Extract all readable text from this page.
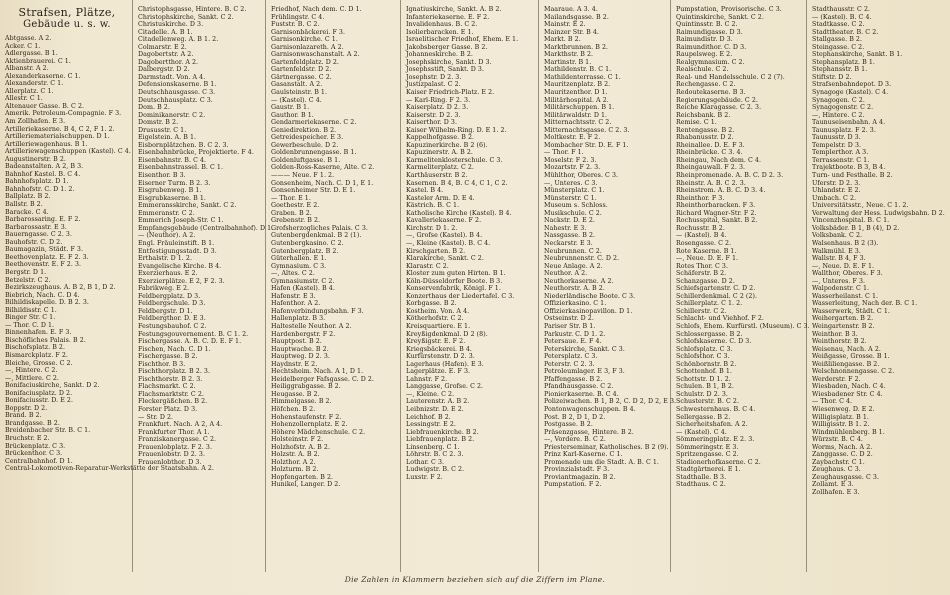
Strafsen, Plätze,
Gebäude u. s. w.
Abtgasse. A 2.
Acker. C 1.
Adlergasse. B 1.
Aktienbrauerei. C 1.
Albanstr. A 2.
Alexanderkaserne. C 1.
Alexanderstr. C 1.
Allerplatz. C 1.
Allestr. C 1.
Altenauer Gasse. B. C 2.
Amerik. Petroleum-Compagnie. F 3.
Am Zollhafen. E 3.
Artilleriekaserne. B 4, C 2, F 1. 2.
Artilleriematerialschuppen. D 1.
Artilleriewagenhaus. B 1.
Artilleriewagenschuppen (Kastel). C 4.
Augustinerstr. B 2.
Badeanstalten. A 2, B 3.
Bahnhof Kastel. B. C 4.
Bahnhofsplatz. D 1.
Bahnhofstr. C. D 1. 2.
Ballplatz. B 2.
Ballstr. B 2.
Baracke. C 4.
Barbarossaring. E. F 2.
Barbarossastr. E 3.
Bauerngasse. C 2. 3.
Bauhofstr. C. D 2.
Baumagazin, Städt. F 3.
Beethovenplatz. E. F 2. 3.
Beethovenstr. E. F 2. 3.
Bergstr. D 1.
Betzelstr. C 2.
Bezirkszeughaus. A. B 2, B 1, D 2.
Biebrich, Nach. C. D 4.
Bilhildiskapelle. D. B 2. 3.
Bilhildisstr. C 1.
Binger Str. C 1.
— Thor. C. D 1.
Binnenhafen. E. F 3.
Bischöfliches Palais. B 2.
Bischofsplatz. B 2.
Bismarckplatz. F 2.
Bleiche, Grosse. C 2.
—, Hintere. C 2.
—, Mittlere. C 2.
Bonifaciuskirche, Sankt. D 2.
Bonifaciusplatz. D 2.
Bonifaciusstr. D. E 2.
Boppstr. D 2.
Brand. B 2.
Brandgasse. B 2.
Breidenbacher Str. B. C 1.
Bruchstr. E 2.
Brückenplatz. C 3.
Brückenthor. C 3.
Centralbahnhof. D 1.
Central-Lokomotiven-Reparatur-Werkstätte der Staatsbahn. A 2.
Christophsgasse, Hintere. B. C 2.
Christophskirche, Sankt. C 2.
Christuskirche. D 3.
Citadelle. A. B 1.
Citadellenweg. A. B 1. 2.
Colmarstr. E 2.
Dagobertstr. A 2.
Dagobertthor. A 2.
Dalbergstr. D 2.
Darmstadt. Von. A 4.
Defensionskaserne. B 1.
Deutschhausgasse. C 3.
Deutschhausplatz. C 3.
Dom. B 2.
Dominikanerstr. C 2.
Domstr. B 2.
Drususstr. C 1.
Eigelstein. A. B 1.
Eisbornplätzchen. B. C 2. 3.
Eisenbahnbrücke, Projektierte. F 4.
Eisenbahnstr. B. C 4.
Eisenbahnstrassel. B. C 1.
Eisenthor. B 3.
Eiserner Turm. B 2. 3.
Eisgrubenweg. B 1.
Eisgrubkaserne. B 1.
Emmeransskirche, Sankt. C 2.
Emmeranstr. C 2.
Emmerich Joseph-Str. C 1.
Empfangsgebäude (Centralbahnhof). D 1.
— (Neuthor). A 2.
Engl. Fräuleinstift. B 1.
Entfestigungsstadt. D 3.
Erthalstr. D 1. 2.
Evangelische Kirche. B 4.
Exerzierhaus. E 2.
Exerzierplätze. E 2, F 2. 3.
Fabrikweg. E 2.
Feldbergplatz. D 3.
Feldbergschule. D 3.
Feldbergstr. D 1.
Feldbergthor. D. E 3.
Festungsbauhof. C 2.
Festungsgouvernement. B. C 1. 2.
Fischergasse. A. B. C. D. E. F 1.
Fischen, Nach. C. D 1.
Fischergasse. B 2.
Fischthor. B 3.
Fischthorplatz. B 2. 3.
Fischthorstr. B 2. 3.
Flachsmarkt. C 2.
Flachsmarktstr. C 2.
Fleckergäßchen. B 2.
Forster Platz. D 3.
— Str. D 2.
Frankfurt. Nach. A 2, A 4.
Frankfurter Thor. A 1.
Franziskanergasse. C 2.
Frauenlobplatz. F 2. 3.
Frauenlobstr. D 2. 3.
Frauenlobthor. D 3.
Friedhof, Nach dem. C. D 1.
Frühlingstr. C 4.
Fuststr. B. C 2.
Garnisonbäckerei. F 3.
Garnisonkirche. C 1.
Garnisonlazareth. A 2.
Garnisonwaschanstalt. A 2.
Gartenfeldplatz. D 2.
Gartenfeldstr. D 2.
Gärtnergasse. C 2.
Gasanstalt. A 2.
Gaulsteinstr. B 1.
— (Kastel). C 4.
Gaustr. B 1.
Gauthor. B 1.
Gendarmeriekaserne. C 2.
Geniedirektion. B 2.
Getreidespeicher. E 3.
Gewerbeschule. D 2.
Goldenbrunnengasse. B 1.
Goldenluftgasse. B 1.
Golden-Ross-Kaserne, Alte. C 2.
——— Neue. F 1. 2.
Gonsenheim, Nach. C. D 1, E 1.
Gonsenheimer Str. D. E 1.
— Thor. E 1.
Goethestr. E 2.
Graben. B 2.
Grebenstr. B 2.
Grofsherzogliches Palais. C 3.
Gutenbergdenkmal. B 2 (1).
Gutenbergkasino. C 2.
Gutenbergplatz. B 2.
Güterhallen. E 1.
Gymnasium. C 3.
—, Altes. C 2.
Gymnasiumstr. C 2.
Hafen (Kastel). B 4.
Hafenstr. E 3.
Hafenthor. A 2.
Hafenverbindungsbahn. F 3.
Hallenplatz. B 3.
Haltestelle Neuthor. A 2.
Hardenbergstr. F 2.
Hauptpost. B 2.
Hauptwache. B 2.
Hauptweg. D 2. 3.
Haydnstr. E 2.
Hechtsheim. Nach. A 1, D 1.
Heidelberger Fafsgasse. C. D 2.
Heiliggrabgasse. B 2.
Heugasse. B 2.
Himmelgasse. B 2.
Höfchen. B 2.
Hohenstaufenstr. F 2.
Hohenzollernplatz. E 2.
Höhere Mädchenschule. C 2.
Holsteinstr. F 2.
Holzhofstr. A. B 2.
Holzstr. A. B 2.
Holzthor. A 2.
Holzturm. B 2.
Hopfengarten. B 2.
Hunikel, Langer. D 2.
Ignatiuskirche, Sankt. A. B 2.
Infanteriekaserne. E. F 2.
Invalidenhaus. B. C 2.
Isolierbaracken. E 1.
Israelitischer Friedhof, Ehem. E 1.
Jakobsberger Gasse. B 2.
Johanneskirche. B 2.
Josephskirche, Sankt. D 3.
Josephsstift, Sankt. D 3.
Josephstr. D 2. 3.
Justizpalast. C 2.
Kaiser Friedrich-Platz. E 2.
— Karl-Ring. F 2. 3.
Kaiserplatz. D 2. 3.
Kaiserstr. D 2. 3.
Kaiserthor. D 3.
Kaiser Wilhelm-Ring. D. E 1. 2.
Kappelhofgasse. B 2.
Kapuzinerkirche. B 2 (6).
Kapuzinerstr. A. B 2.
Karmelitenklosterschule. C 3.
Karmeliterplatz. C 2.
Karthäuserstr. B 2.
Kasernen. B 4, B. C 4, C 1, C 2.
Kastel. B 4.
Kasteler Arm. D. E 4.
Kästrich. B. C 1.
Katholische Kirche (Kastel). B 4.
Kavalleriekaserne. F 2.
Kirchstr. D 1. 2.
—, Grofse (Kastel). B 4.
—, Kleine (Kastel). B. C 4.
Kirschgarten. B 2.
Klarakirche, Sankt. C 2.
Klarastr. C 2.
Kloster zum guten Hirten. B 1.
Köln-Düsseldorfer Boote. B 3.
Konservenfabrik, Königl. F 1.
Konzerthaus der Liedertafel. C 3.
Korbgasse. B 2.
Kostheim. Von. A 4.
Kötherhofstr. C 2.
Kreisquartiere. E 1.
Kreyßigdenkmal. D 2 (8).
Kreyßigstr. E. F 2.
Kriegsbäckerei. B 4.
Kurfürstenstr. D 2. 3.
Lagerhaus (Hafen). E 3.
Lagerplätze. E. F 3.
Lahnstr. F 2.
Langgasse, Grofse. C 2.
—, Kleine. C 2.
Lauterenstr. A. B 2.
Leibnizstr. D. E 2.
Leichhof. B 2.
Lessingstr. E 2.
Liebfrauenkirche. B 2.
Liebfrauenplatz. B 2.
Linsenberg. C 1.
Löhrstr. B. C 2. 3.
Lothar. C 3.
Ludwigstr. B. C 2.
Luxstr. F 2.
Maarauе. A 3. 4.
Mailandsgasse. B 2.
Mainstr. E 2.
Mainzer Str. B 4.
Markt. B 2.
Marktbrunnen. B 2.
Markthstr. B 2.
Martinstr. B 1.
Mathildenstr. B. C 1.
Mathildenterrasse. C 1.
Mauritzenplatz. B 2.
Mauritzenthor. D 1.
Militärhospital. A 2.
Militärschuppen. B 1.
Militärwaldstr. D 1.
Mitternachtsstr. C 2.
Mitternachtsgasse. C 2. 3.
Moltkestr. E. F 2.
Mombacher Str. D. E. F 1.
— Thor. F 1.
Moselstr. F 2. 3.
Mozartstr. F 2. 3.
Mühlthor, Oberes. C 3.
—, Unteres. C 3.
Münsterplatz. C 1.
Münsterstr. C 1.
Museum s. Schloss.
Musikschule. C 2.
Nackstr. D. E 2.
Nahestr. E 3.
Nassgasse. B 2.
Neckarstr. E 3.
Neubrunnen. C 2.
Neubrunnenstr. C. D 2.
Neue Anlage. A 2.
Neuthor. A 2.
Neuthorkaserne. A 2.
Neuthorstr. A. B 2.
Niederländische Boote. C 3.
Offizierkasino. C 1.
Offizierkasinopavillon. D 1.
Ostseinstr. D 2.
Pariser Str. B 1.
Parkustr. C. D 1. 2.
Petersaue. E. F 4.
Peterskirche, Sankt. C 3.
Petersplatz. C 3.
Peterstr. C 2. 3.
Petroleumlager. E 3, F 3.
Pfaffengasse. B 2.
Pfandhausgasse. C 2.
Pionierkaserne. B. C 4.
Polizeiwachen. B 1, B 2, C. D 2, D 2, E 3.
Pontonwagenschuppen. B 4.
Post. B 2, D 1, D 2.
Postgasse. B 2.
Präsenzgasse, Hintere. B 2.
—, Vordere. B. C 2.
Priesterseminar, Katholisches. B 2 (9).
Prinz Karl-Kaserne. C 1.
Promenade um die Stadt. A. B. C 1.
Provinzialstadt. F 3.
Proviantmagazin. B 2.
Pumpstation. F 2.
Pumpstation, Provisorische. C 3.
Quintinskirche, Sankt. C 2.
Quintinsstr. B. C 2.
Raimundigasse. D 3.
Raimundistr. D 3.
Raimundithor. C. D 3.
Raupelsweg. E 2.
Realgymnasium. C 2.
Realschule. C 2.
Real- und Handelsschule. C 2 (7).
Rechengasse. C 2.
Redoutekaserne. B 3.
Regierungsgebäude. C 2.
Reiche Klaragasse. C 2. 3.
Reichsbank. B 2.
Remise. C 1.
Rentengasse. B 2.
Rhabanusstr. D 2.
Rheinallee. D. E. F 3.
Rheinbrücke. C 3. 4.
Rheingau, Nach dem. C 4.
Rheingauwall. F 2. 3.
Rheinpromenade. A. B. C. D 2. 3.
Rheinstr. A. B. C 2. 3.
Rheinstrom. A. B. C. D 3. 4.
Rheinthor. F 3.
Rheinthorbaracken. F 3.
Richard Wagner-Str. F 2.
Rochusspital, Sankt. B 2.
Rochusstr. B 2.
— (Kastel). B 4.
Rosengasse. C 2.
Rote Kaserne. B 1.
—, Neue. D. E. F 1.
Rotes Thor. C 3.
Schäferstr. B 2.
Schanzgasse. D 2.
Schiefsgartenstr. C. D 2.
Schillerdenkmal. C 2 (2).
Schillerplatz. C 1. 2.
Schillerstr. C 2.
Schlacht- und Viehhof. F 2.
Schlofs, Ehem. Kurfürstl. (Museum). C 3.
Schlossergasse. B 2.
Schlofskaserne. C. D 3.
Schlofsplatz. C 3.
Schlofsthor. C 3.
Schönbornstr. B 2.
Schottenhof. B 1.
Schottstr. D 1. 2.
Schulen. B 1, B 2.
Schulstr. D 2. 3.
Schusterstr. B. C 2.
Schwesternhaus. B. C 4.
Sellergasse. B 2.
Sicherheitshafen. A 2.
— (Kastel). C 4.
Sömmeringplatz. E 2. 3.
Sömmeringstr. E 3.
Spritzengasse. C 2.
Stadionerhofkaserne. C 2.
Stadtgärtnerei. E 1.
Stadthalle. B 3.
Stadthaus. C 2.
Stadthausstr. C 2.
— (Kastel). B. C 4.
Stadtkasse. C 2.
Stadttheater. B. C 2.
Stallgasse. B 2.
Steingasse. C 2.
Stephanskirche, Sankt. B 1.
Stephansplatz. B 1.
Stephansstr. B 1.
Stiftstr. D 2.
Strafsenbahndepot. D 3.
Synagoge (Kastel). C 4.
Synagogen. C 2.
Synagogenstr. C 2.
—, Hintere. C 2.
Taunuseisenbahn. A 4.
Taunusplatz. F 2. 3.
Taunusstr. D 3.
Tempelstr. D 3.
Templerthor. A 3.
Terrassenstr. C 1.
Trajektboote. B 3, B 4.
Turn- und Festhalle. B 2.
Uferstr. D 2. 3.
Uhlandstr. E 2.
Umbach. C 2.
Universitätsstr., Neue. C 1. 2.
Verwaltung der Hess. Ludwigsbahn. D 2.
Vincenzhospital. B. C 1.
Volksbäder. B 1, B (4), D 2.
Volksbank. C 2.
Walsenhaus. B 2 (3).
Walkmühl. E 3.
Wallstr. B 4, F 3.
—, Neue. D. E. F 1.
Wallthor, Oberes. F 3.
—, Unteres. F 3.
Walpodenstr. C 1.
Wasserheilanst. C 1.
Wasserleitung, Nach der. B. C 1.
Wasserwerk, Städt. C 1.
Weihergarten. B 2.
Weingartenstr. B 2.
Weinthor. B 3.
Weinthorstr. B 2.
Weisenau, Nach. A 2.
Weißgasse, Grosse. B 1.
Weißliliengasse. B 2.
Welschnonnengasse. C 2.
Werderstr. F 2.
Wiesbaden, Nach. C 4.
Wiesbadener Str. C 4.
— Thor. C 4.
Wiesenweg. D. E 2.
Willigisplatz. B 1.
Willigisstr. B 1. 2.
Windmühlenberg. B 1.
Würzstr. B. C 4.
Worms, Nach. A 2.
Zanggasse. C. D 2.
Zaybachstr. C 1.
Zeughaus. C 3.
Zeughausgasse. C 3.
Zollamt. E 3.
Zollhafen. E 3.
Die Zahlen in Klammern beziehen sich auf die Ziffern im Plane.
